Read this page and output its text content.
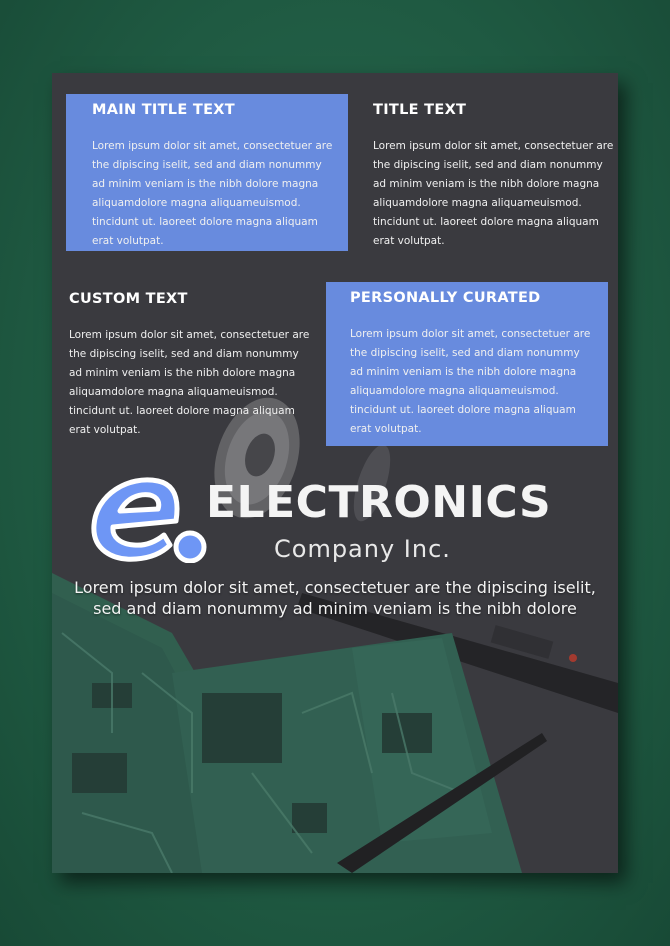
MAIN TITLE TEXT
Lorem ipsum dolor sit amet, consectetuer are the dipiscing iselit, sed and diam nonummy ad minim veniam is the nibh dolore magna aliquamdolore magna aliquameuismod. tincidunt ut. laoreet dolore magna aliquam erat volutpat.
TITLE TEXT
Lorem ipsum dolor sit amet, consectetuer are the dipiscing iselit, sed and diam nonummy ad minim veniam is the nibh dolore magna aliquamdolore magna aliquameuismod. tincidunt ut. laoreet dolore magna aliquam erat volutpat.
CUSTOM TEXT
Lorem ipsum dolor sit amet, consectetuer are the dipiscing iselit, sed and diam nonummy ad minim veniam is the nibh dolore magna aliquamdolore magna aliquameuismod. tincidunt ut. laoreet dolore magna aliquam erat volutpat.
PERSONALLY CURATED
Lorem ipsum dolor sit amet, consectetuer are the dipiscing iselit, sed and diam nonummy ad minim veniam is the nibh dolore magna aliquamdolore magna aliquameuismod. tincidunt ut. laoreet dolore magna aliquam erat volutpat.
ELECTRONICS
Company Inc.
Lorem ipsum dolor sit amet, consectetuer are the dipiscing iselit, sed and diam nonummy ad minim veniam is the nibh dolore
